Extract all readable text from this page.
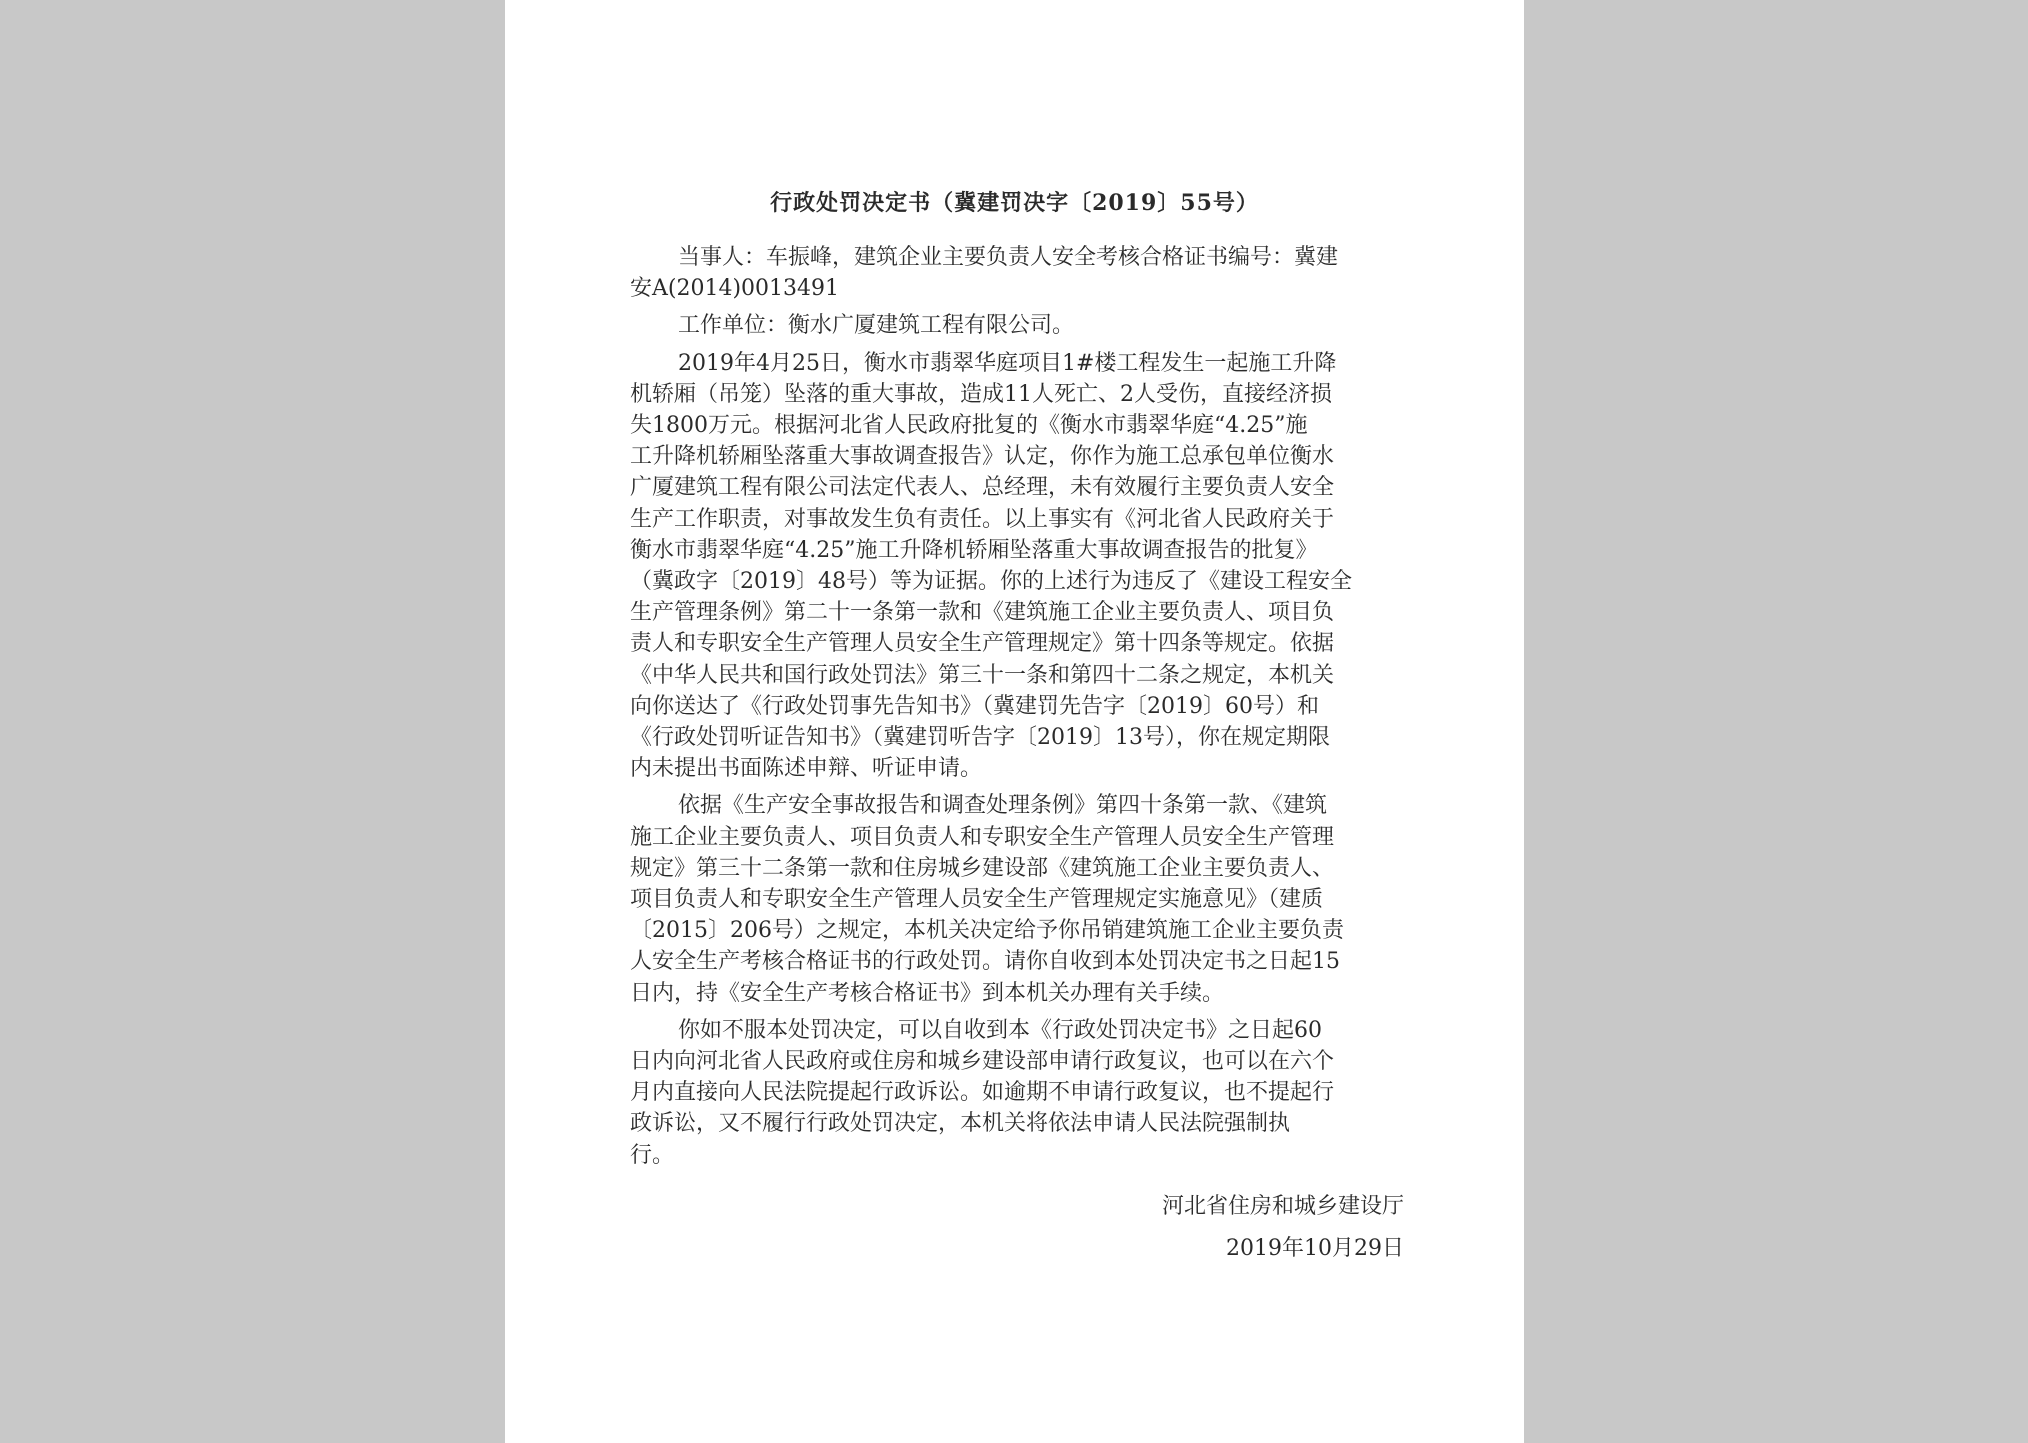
行政处罚决定书（冀建罚决字〔2019〕55号）

当事人：车振峰，建筑企业主要负责人安全考核合格证书编号：冀建
安A(2014)0013491

工作单位：衡水广厦建筑工程有限公司。

2019年4月25日，衡水市翡翠华庭项目1#楼工程发生一起施工升降
机轿厢（吊笼）坠落的重大事故，造成11人死亡、2人受伤，直接经济损
失1800万元。根据河北省人民政府批复的《衡水市翡翠华庭“4.25”施
工升降机轿厢坠落重大事故调查报告》认定，你作为施工总承包单位衡水
广厦建筑工程有限公司法定代表人、总经理，未有效履行主要负责人安全
生产工作职责，对事故发生负有责任。以上事实有《河北省人民政府关于
衡水市翡翠华庭“4.25”施工升降机轿厢坠落重大事故调查报告的批复》
（冀政字〔2019〕48号）等为证据。你的上述行为违反了《建设工程安全
生产管理条例》第二十一条第一款和《建筑施工企业主要负责人、项目负
责人和专职安全生产管理人员安全生产管理规定》第十四条等规定。依据
《中华人民共和国行政处罚法》第三十一条和第四十二条之规定，本机关
向你送达了《行政处罚事先告知书》（冀建罚先告字〔2019〕60号）和
《行政处罚听证告知书》（冀建罚听告字〔2019〕13号），你在规定期限
内未提出书面陈述申辩、听证申请。

依据《生产安全事故报告和调查处理条例》第四十条第一款、《建筑
施工企业主要负责人、项目负责人和专职安全生产管理人员安全生产管理
规定》第三十二条第一款和住房城乡建设部《建筑施工企业主要负责人、
项目负责人和专职安全生产管理人员安全生产管理规定实施意见》（建质
〔2015〕206号）之规定，本机关决定给予你吊销建筑施工企业主要负责
人安全生产考核合格证书的行政处罚。请你自收到本处罚决定书之日起15
日内，持《安全生产考核合格证书》到本机关办理有关手续。

你如不服本处罚决定，可以自收到本《行政处罚决定书》之日起60
日内向河北省人民政府或住房和城乡建设部申请行政复议，也可以在六个
月内直接向人民法院提起行政诉讼。如逾期不申请行政复议，也不提起行
政诉讼，又不履行行政处罚决定，本机关将依法申请人民法院强制执
行。

河北省住房和城乡建设厅
2019年10月29日
